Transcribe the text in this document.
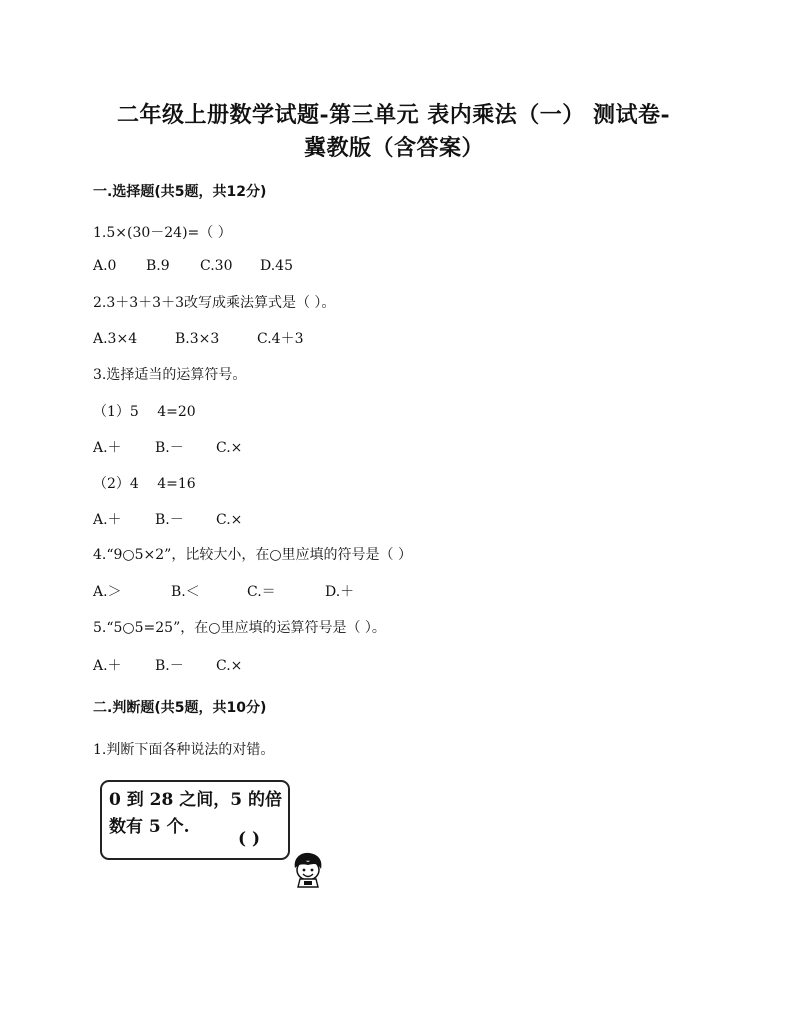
二年级上册数学试题-第三单元 表内乘法（一） 测试卷-
冀教版（含答案）
一.选择题(共5题，共12分)
1.5×(30－24)=（ ）
A.0 B.9 C.30 D.45
2.3＋3＋3＋3改写成乘法算式是（ ）。
A.3×4	B.3×3	C.4＋3
3.选择适当的运算符号。
（1）5 　4=20
A.＋ B.－ C.×
（2）4 　4=16
A.＋ B.－ C.×
4.“9○5×2”，比较大小，在○里应填的符号是（ ）
A.＞	B.＜	C.＝	D.＋
5.“5○5=25”，在○里应填的运算符号是（ ）。
A.＋ B.－ C.×
二.判断题(共5题，共10分)
1.判断下面各种说法的对错。
0 到 28 之间，5 的倍
数有 5 个.
( )
